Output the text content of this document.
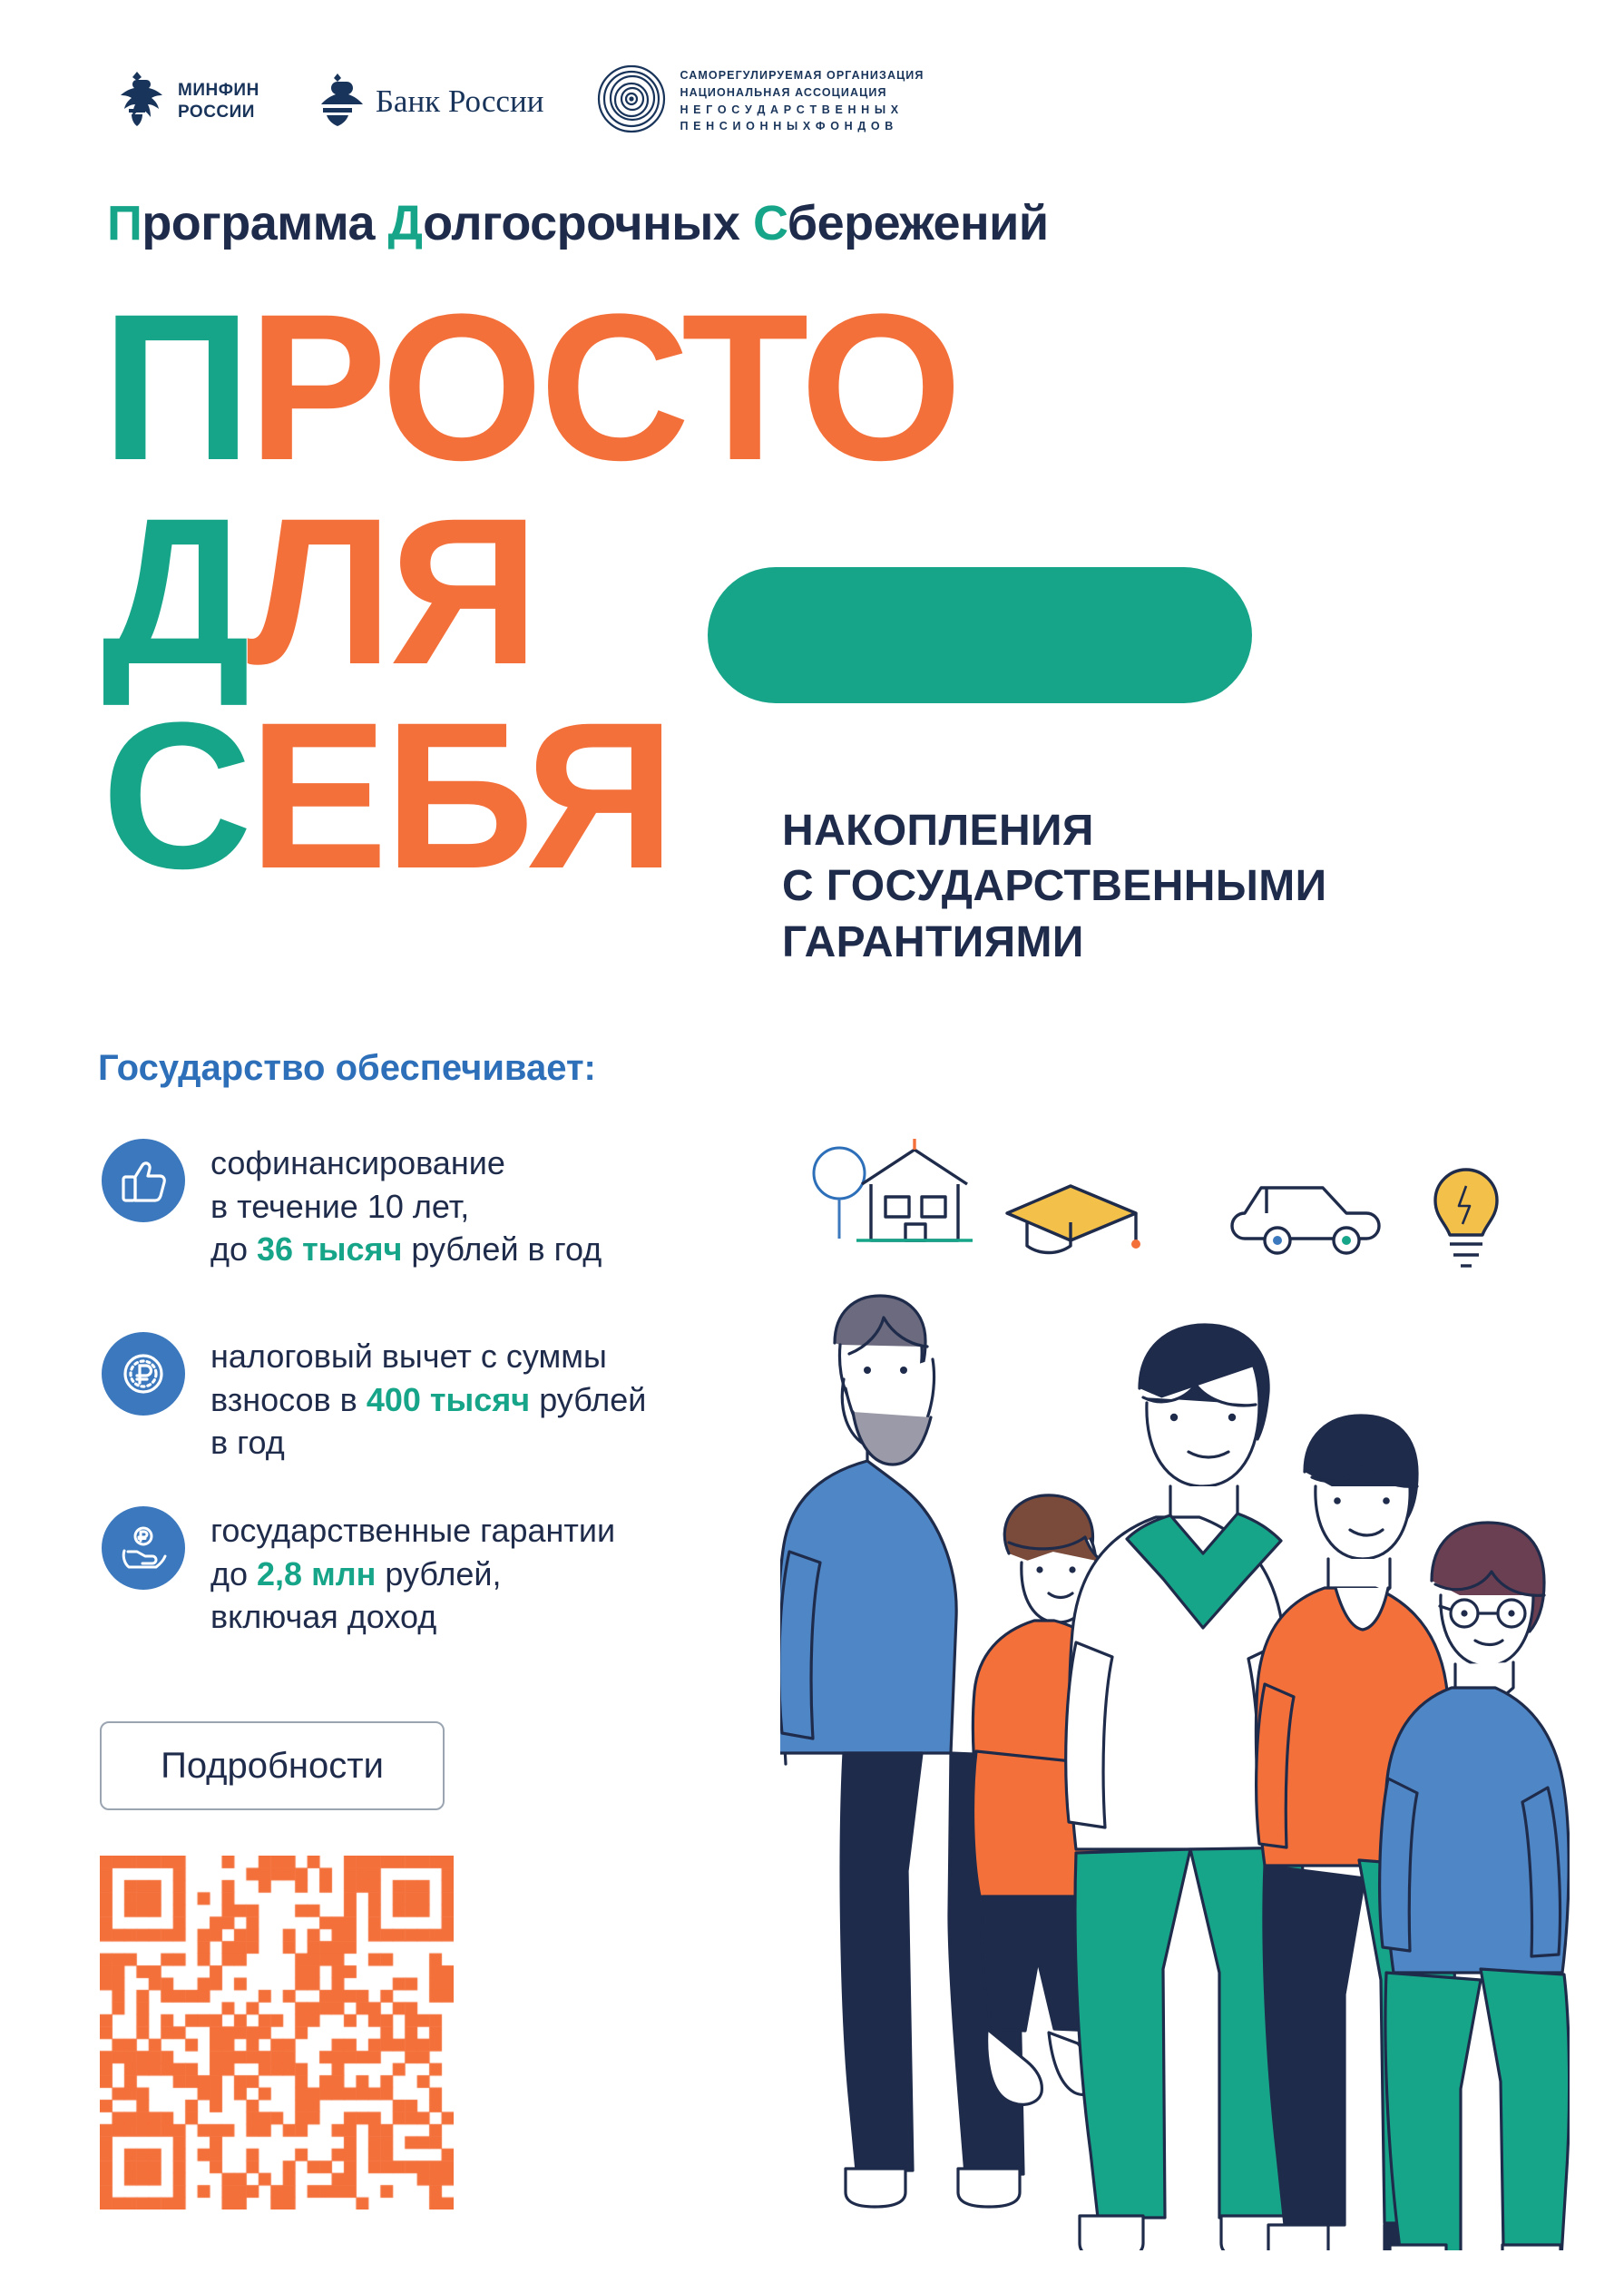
МИНФИН
РОССИИ	Банк России
САМОРЕГУЛИРУЕМАЯ ОРГАНИЗАЦИЯ
НАЦИОНАЛЬНАЯ АССОЦИАЦИЯ
Н Е Г О С У Д А Р С Т В Е Н Н Ы Х
П Е Н С И О Н Н Ы Х Ф О Н Д О В
Программа Долгосрочных Сбережений
ПРОСТО
ДЛЯ
СЕБЯ	НАКОПЛЕНИЯ
С ГОСУДАРСТВЕННЫМИ
ГАРАНТИЯМИ
Государство обеспечивает:
софинансирование
в течение 10 лет,
до 36 тысяч рублей в год
налоговый вычет с суммы
взносов в 400 тысяч рублей
в год
государственные гарантии
до 2,8 млн рублей,
включая доход
Подробности
